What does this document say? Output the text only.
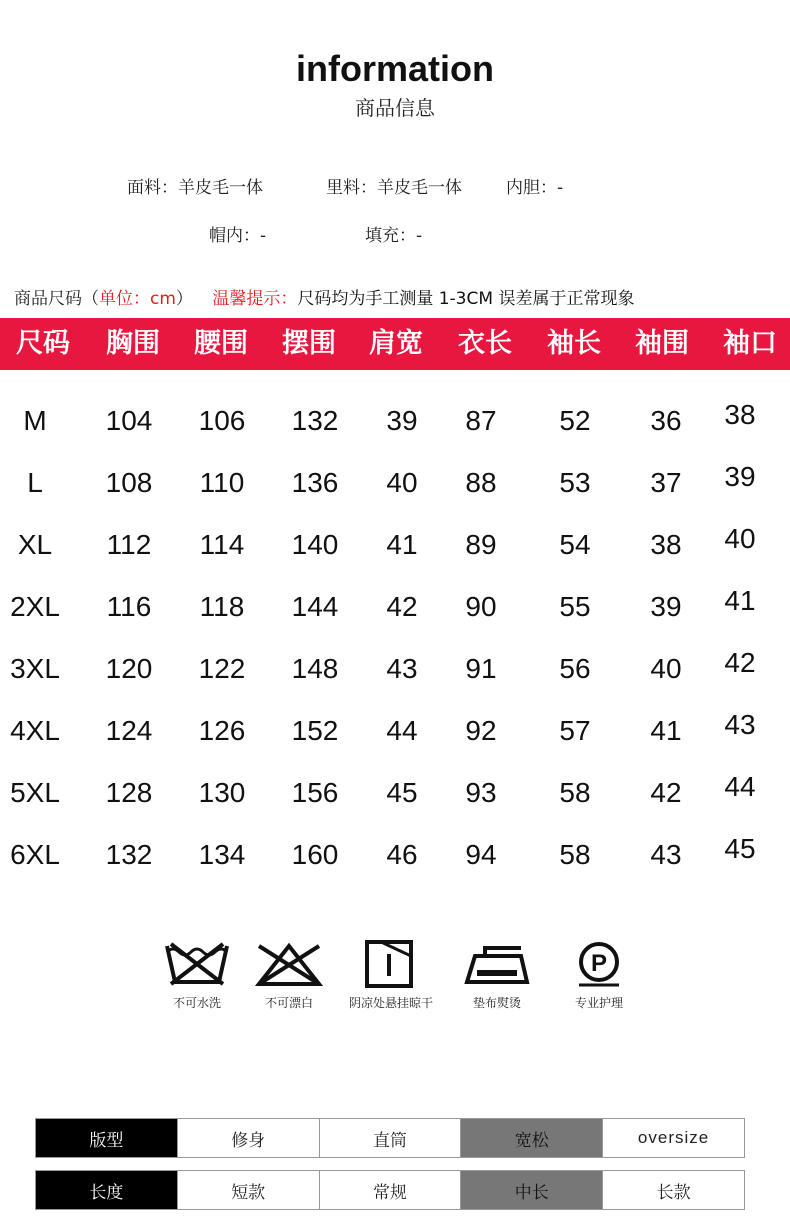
information
商品信息
面料：羊皮毛一体	里料：羊皮毛一体	内胆：-
帽内：-	填充：-
商品尺码（单位：cm） 温馨提示：尺码均为手工测量 1-3CM 误差属于正常现象
尺码	胸围	腰围	摆围	肩宽	衣长	袖长	袖围	袖口
M	104	106	132	39	87	52	36	38
L	108	110	136	40	88	53	37	39
XL	112	114	140	41	89	54	38	40
2XL	116	118	144	42	90	55	39	41
3XL	120	122	148	43	91	56	40	42
4XL	124	126	152	44	92	57	41	43
5XL	128	130	156	45	93	58	42	44
6XL	132	134	160	46	94	58	43	45
不可水洗	不可漂白	阴凉处悬挂晾干	垫布熨烫
P
专业护理
版型	修身	直筒	宽松	oversize
长度	短款	常规	中长	长款
